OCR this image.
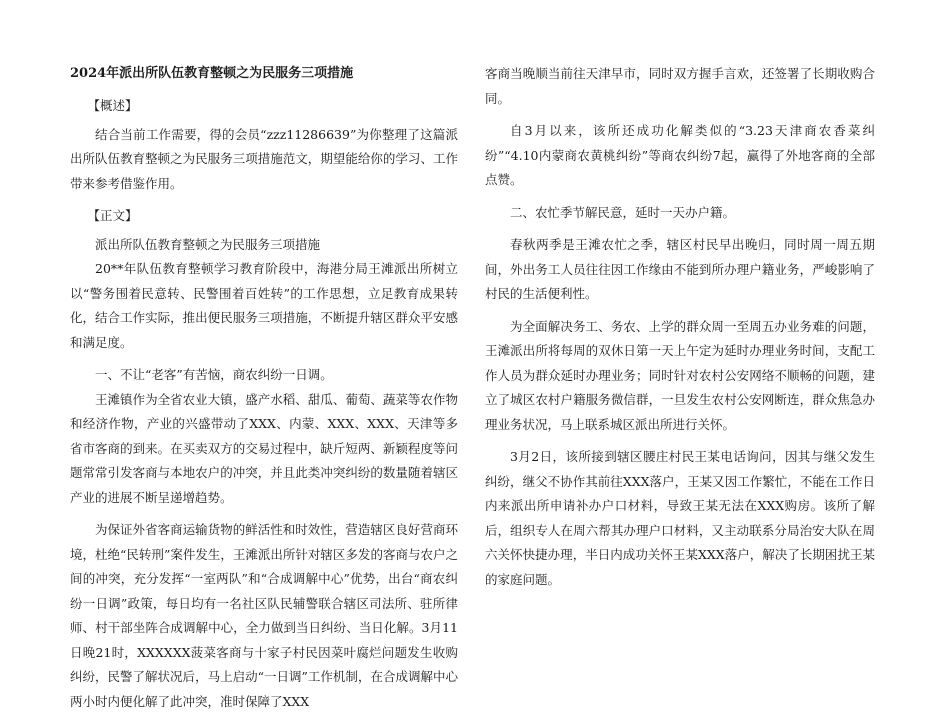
2024年派出所队伍教育整顿之为民服务三项措施

【概述】

结合当前工作需要，得的会员“zzz11286639”为你整理了这篇派出所队伍教育整顿之为民服务三项措施范文，期望能给你的学习、工作带来参考借鉴作用。

【正文】

派出所队伍教育整顿之为民服务三项措施

20**年队伍教育整顿学习教育阶段中，海港分局王滩派出所树立以“警务围着民意转、民警围着百姓转”的工作思想，立足教育成果转化，结合工作实际，推出便民服务三项措施，不断提升辖区群众平安感和满足度。

一、不让“老客”有苦恼，商农纠纷一日调。

王滩镇作为全省农业大镇，盛产水稻、甜瓜、葡萄、蔬菜等农作物和经济作物，产业的兴盛带动了XXX、内蒙、XXX、XXX、天津等多省市客商的到来。在买卖双方的交易过程中，缺斤短两、新颖程度等问题常常引发客商与本地农户的冲突，并且此类冲突纠纷的数量随着辖区产业的进展不断呈递增趋势。

为保证外省客商运输货物的鲜活性和时效性，营造辖区良好营商环境，杜绝“民转刑”案件发生，王滩派出所针对辖区多发的客商与农户之间的冲突，充分发挥“一室两队”和“合成调解中心”优势，出台“商农纠纷一日调”政策，每日均有一名社区队民辅警联合辖区司法所、驻所律师、村干部坐阵合成调解中心，全力做到当日纠纷、当日化解。3月11日晚21时，XXXXXX菠菜客商与十家子村民因菜叶腐烂问题发生收购纠纷，民警了解状况后，马上启动“一日调”工作机制，在合成调解中心两小时内便化解了此冲突，准时保障了XXX

客商当晚顺当前往天津早市，同时双方握手言欢，还签署了长期收购合同。

自3月以来，该所还成功化解类似的“3.23天津商农香菜纠纷”“4.10内蒙商农黄桃纠纷”等商农纠纷7起，赢得了外地客商的全部点赞。

二、农忙季节解民意，延时一天办户籍。

春秋两季是王滩农忙之季，辖区村民早出晚归，同时周一周五期间，外出务工人员往往因工作缘由不能到所办理户籍业务，严峻影响了村民的生活便利性。

为全面解决务工、务农、上学的群众周一至周五办业务难的问题，王滩派出所将每周的双休日第一天上午定为延时办理业务时间，支配工作人员为群众延时办理业务；同时针对农村公安网络不顺畅的问题，建立了城区农村户籍服务微信群，一旦发生农村公安网断连，群众焦急办理业务状况，马上联系城区派出所进行关怀。

3月2日，该所接到辖区腰庄村民王某电话询问，因其与继父发生纠纷，继父不协作其前往XXX落户，王某又因工作繁忙，不能在工作日内来派出所申请补办户口材料，导致王某无法在XXX购房。该所了解后，组织专人在周六帮其办理户口材料，又主动联系分局治安大队在周六关怀快捷办理，半日内成功关怀王某XXX落户，解决了长期困扰王某的家庭问题。
